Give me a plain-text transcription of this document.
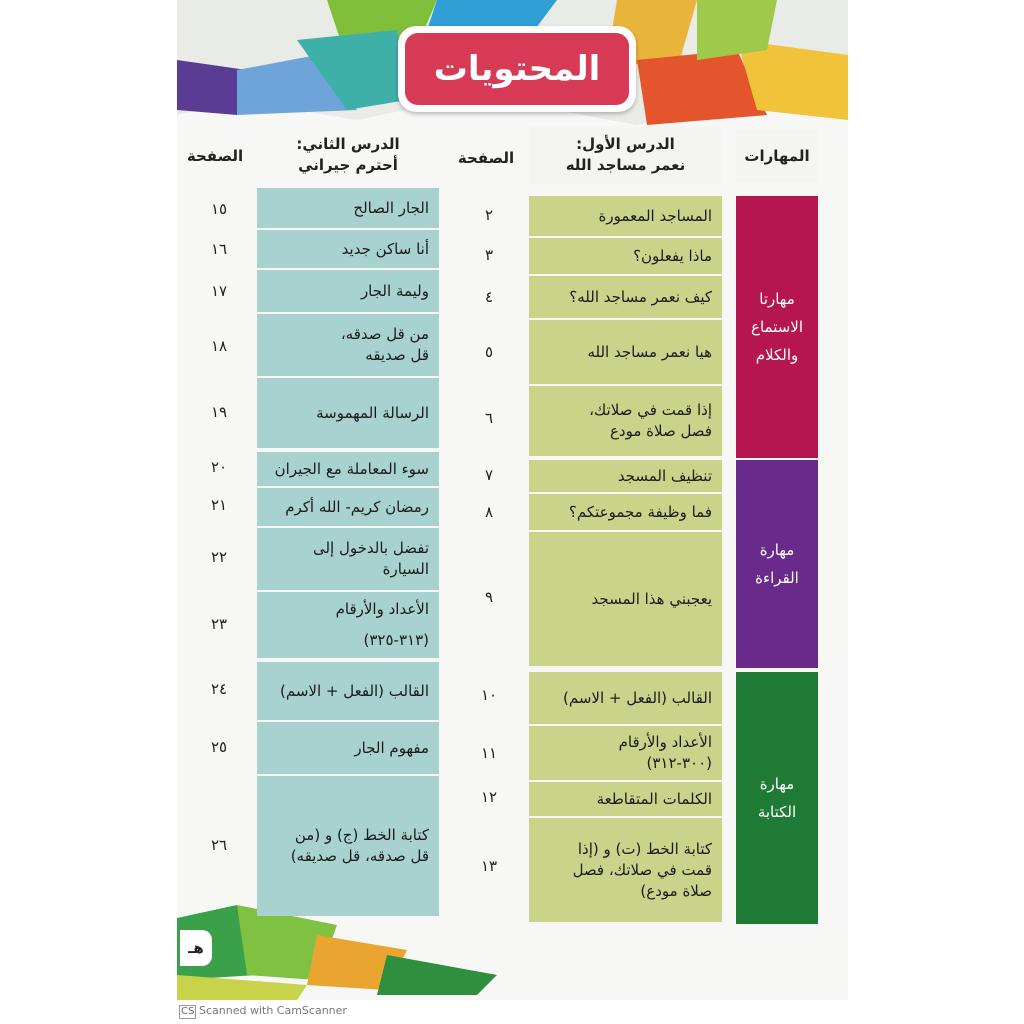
المحتويات
المهارات
الدرس الأول:
نعمر مساجد الله
الصفحة
الدرس الثاني:
أحترم جيراني
الصفحة
مهارتا
الاستماع
والكلام
مهارة
القراءة
مهارة
الكتابة
المساجد المعمورة
ماذا يفعلون؟
كيف نعمر مساجد الله؟
هيا نعمر مساجد الله
إذا قمت في صلاتك،
فصل صلاة مودع
تنظيف المسجد
فما وظيفة مجموعتكم؟
يعجبني هذا المسجد
القالب (الفعل + الاسم)
الأعداد والأرقام
(٣٠٠-٣١٢)
الكلمات المتقاطعة
كتابة الخط (ت) و (إذا
قمت في صلاتك، فصل
صلاة مودع)
٢
٣
٤
٥
٦
٧
٨
٩
١٠
١١
١٢
١٣
الجار الصالح
أنا ساكن جديد
وليمة الجار
من قل صدقه،
قل صديقه
الرسالة المهموسة
سوء المعاملة مع الجيران
رمضان كريم- الله أكرم
تفضل بالدخول إلى
السيارة
الأعداد والأرقام
(٣١٣-٣٢٥)
القالب (الفعل + الاسم)
مفهوم الجار
كتابة الخط (ج) و (من
قل صدقه، قل صديقه)
١٥
١٦
١٧
١٨
١٩
٢٠
٢١
٢٢
٢٣
٢٤
٢٥
٢٦
هـ
CS Scanned with CamScanner
